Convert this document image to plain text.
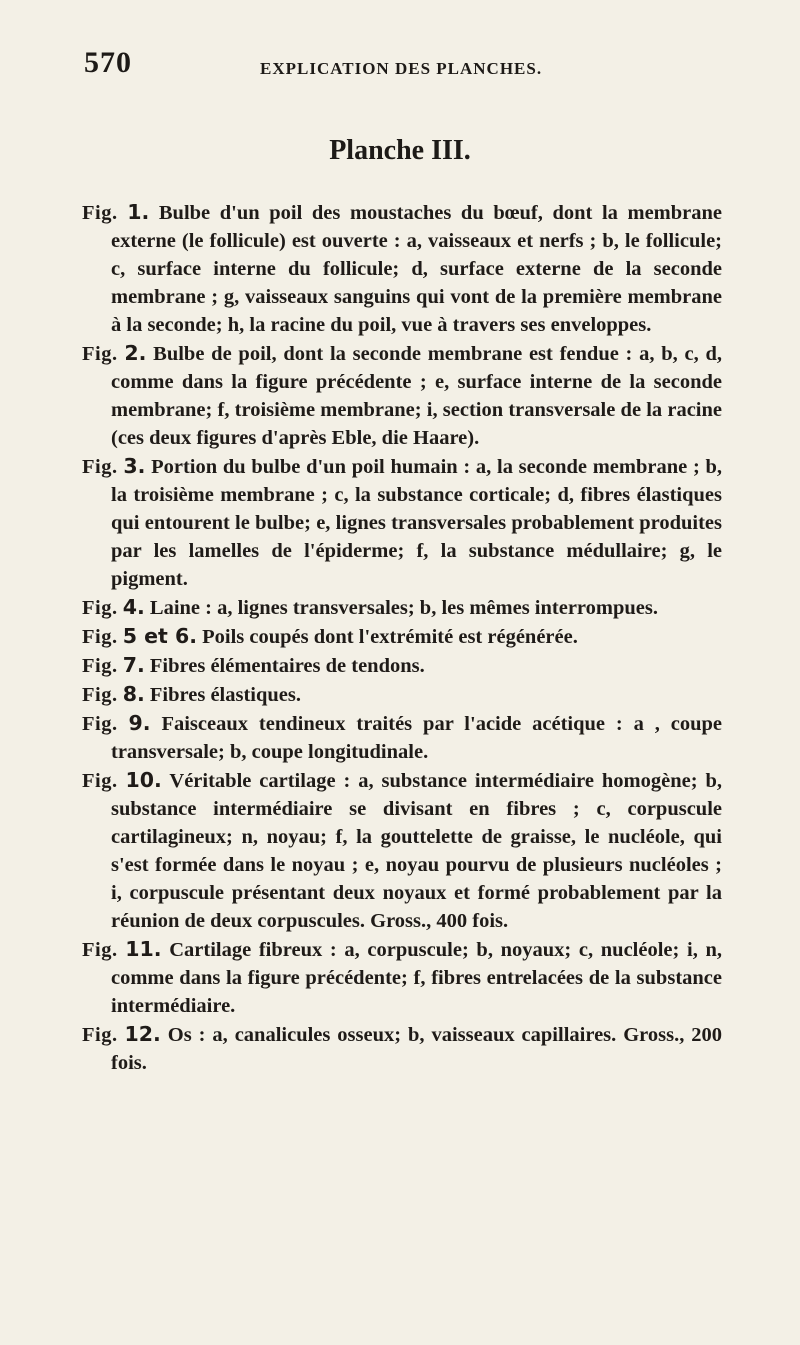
570	EXPLICATION DES PLANCHES.
Planche III.

Fig. 1. Bulbe d'un poil des moustaches du bœuf, dont la membrane externe (le follicule) est ouverte : a, vaisseaux et nerfs ; b, le follicule; c, surface interne du follicule; d, surface externe de la seconde membrane ; g, vaisseaux sanguins qui vont de la première membrane à la seconde; h, la racine du poil, vue à travers ses enveloppes.

Fig. 2. Bulbe de poil, dont la seconde membrane est fendue : a, b, c, d, comme dans la figure précédente ; e, surface interne de la seconde membrane; f, troisième membrane; i, section transversale de la racine (ces deux figures d'après Eble, die Haare).

Fig. 3. Portion du bulbe d'un poil humain : a, la seconde membrane ; b, la troisième membrane ; c, la substance corticale; d, fibres élastiques qui entourent le bulbe; e, lignes transversales probablement produites par les lamelles de l'épiderme; f, la substance médullaire; g, le pigment.

Fig. 4. Laine : a, lignes transversales; b, les mêmes interrompues.

Fig. 5 et 6. Poils coupés dont l'extrémité est régénérée.

Fig. 7. Fibres élémentaires de tendons.

Fig. 8. Fibres élastiques.

Fig. 9. Faisceaux tendineux traités par l'acide acétique : a , coupe transversale; b, coupe longitudinale.

Fig. 10. Véritable cartilage : a, substance intermédiaire homogène; b, substance intermédiaire se divisant en fibres ; c, corpuscule cartilagineux; n, noyau; f, la gouttelette de graisse, le nucléole, qui s'est formée dans le noyau ; e, noyau pourvu de plusieurs nucléoles ; i, corpuscule présentant deux noyaux et formé probablement par la réunion de deux corpuscules. Gross., 400 fois.

Fig. 11. Cartilage fibreux : a, corpuscule; b, noyaux; c, nucléole; i, n, comme dans la figure précédente; f, fibres entrelacées de la substance intermédiaire.

Fig. 12. Os : a, canalicules osseux; b, vaisseaux capillaires. Gross., 200 fois.
